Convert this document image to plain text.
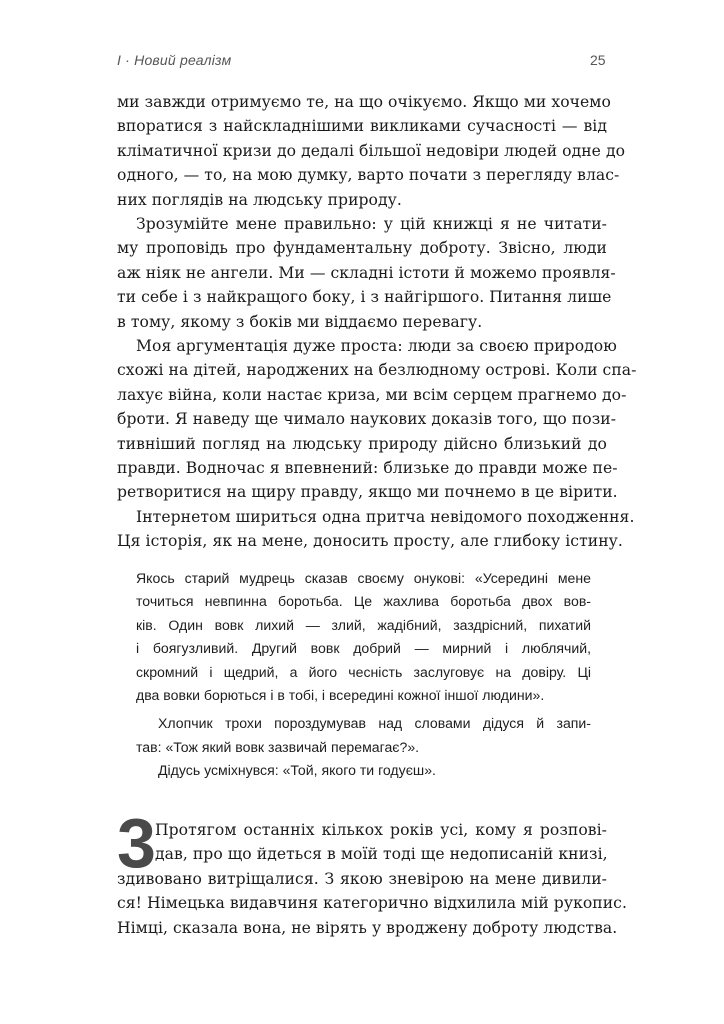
І · Новий реалізм	25
ми завжди отримуємо те, на що очікуємо. Якщо ми хочемо
впоратися з найскладнішими викликами сучасності — від
кліматичної кризи до дедалі більшої недовіри людей одне до
одного, — то, на мою думку, варто почати з перегляду влас-
них поглядів на людську природу.
Зрозумійте мене правильно: у цій книжці я не читати-
му проповідь про фундаментальну доброту. Звісно, люди
аж ніяк не ангели. Ми — складні істоти й можемо проявля-
ти себе і з найкращого боку, і з найгіршого. Питання лише
в тому, якому з боків ми віддаємо перевагу.
Моя аргументація дуже проста: люди за своєю природою
схожі на дітей, народжених на безлюдному острові. Коли спа-
лахує війна, коли настає криза, ми всім серцем прагнемо до-
броти. Я наведу ще чимало наукових доказів того, що пози-
тивніший погляд на людську природу дійсно близький до
правди. Водночас я впевнений: близьке до правди може пе-
ретворитися на щиру правду, якщо ми почнемо в це вірити.
Інтернетом шириться одна притча невідомого походження.
Ця історія, як на мене, доносить просту, але глибоку істину.
Якось старий мудрець сказав своєму онукові: «Усередині мене
точиться невпинна боротьба. Це жахлива боротьба двох вов-
ків. Один вовк лихий — злий, жадібний, заздрісний, пихатий
і боягузливий. Другий вовк добрий — мирний і люблячий,
скромний і щедрий, а його чесність заслуговує на довіру. Ці
два вовки борються і в тобі, і всередині кожної іншої людини».
Хлопчик трохи пороздумував над словами дідуся й запи-
тав: «Тож який вовк зазвичай перемагає?».
Дідусь усміхнувся: «Той, якого ти годуєш».
3 Протягом останніх кількох років усі, кому я розпові-
дав, про що йдеться в моїй тоді ще недописаній книзі,
здивовано витріщалися. З якою зневірою на мене дивили-
ся! Німецька видавчиня категорично відхилила мій рукопис.
Німці, сказала вона, не вірять у вроджену доброту людства.
